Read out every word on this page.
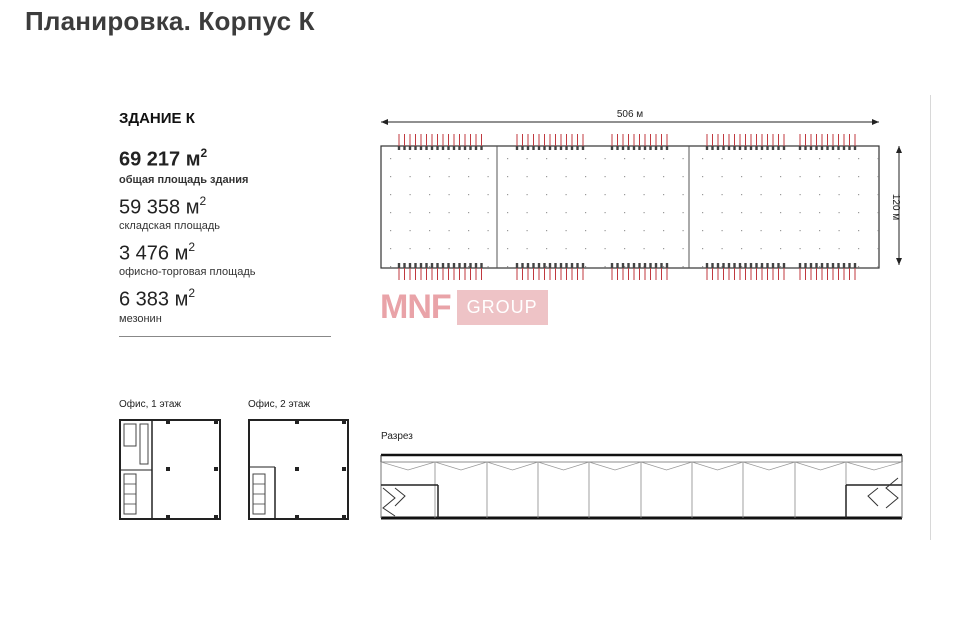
Планировка. Корпус К
ЗДАНИЕ К
69 217 $м^2$
общая площадь здания
59 358 $м^2$
складская площадь
3 476 $м^2$
офисно-торговая площадь
6 383 $м^2$
мезонин
506 м
120 м
MNF GROUP
Офис, 1 этаж	Офис, 2 этаж
Разрез
